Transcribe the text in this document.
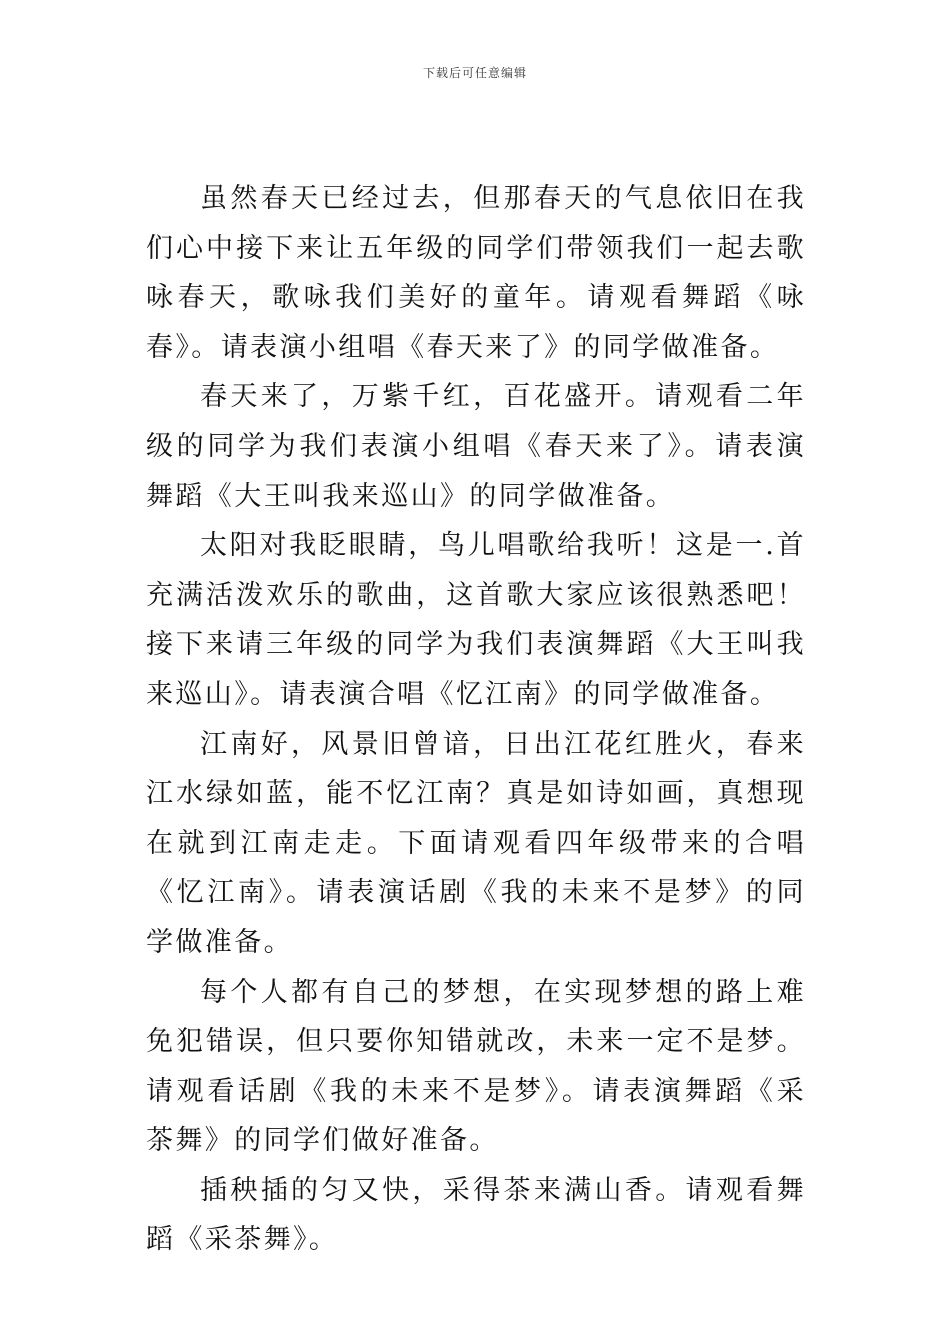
下载后可任意编辑

虽然春天已经过去，但那春天的气息依旧在我们心中接下来让五年级的同学们带领我们一起去歌咏春天，歌咏我们美好的童年。请观看舞蹈《咏春》。请表演小组唱《春天来了》的同学做准备。

春天来了，万紫千红，百花盛开。请观看二年级的同学为我们表演小组唱《春天来了》。请表演舞蹈《大王叫我来巡山》的同学做准备。

太阳对我眨眼睛，鸟儿唱歌给我听！这是一.首充满活泼欢乐的歌曲，这首歌大家应该很熟悉吧！接下来请三年级的同学为我们表演舞蹈《大王叫我来巡山》。请表演合唱《忆江南》的同学做准备。

江南好，风景旧曾谙，日出江花红胜火，春来江水绿如蓝，能不忆江南？真是如诗如画，真想现在就到江南走走。下面请观看四年级带来的合唱《忆江南》。请表演话剧《我的未来不是梦》的同学做准备。

每个人都有自己的梦想，在实现梦想的路上难免犯错误，但只要你知错就改，未来一定不是梦。请观看话剧《我的未来不是梦》。请表演舞蹈《采茶舞》的同学们做好准备。

插秧插的匀又快，采得茶来满山香。请观看舞蹈《采茶舞》。
